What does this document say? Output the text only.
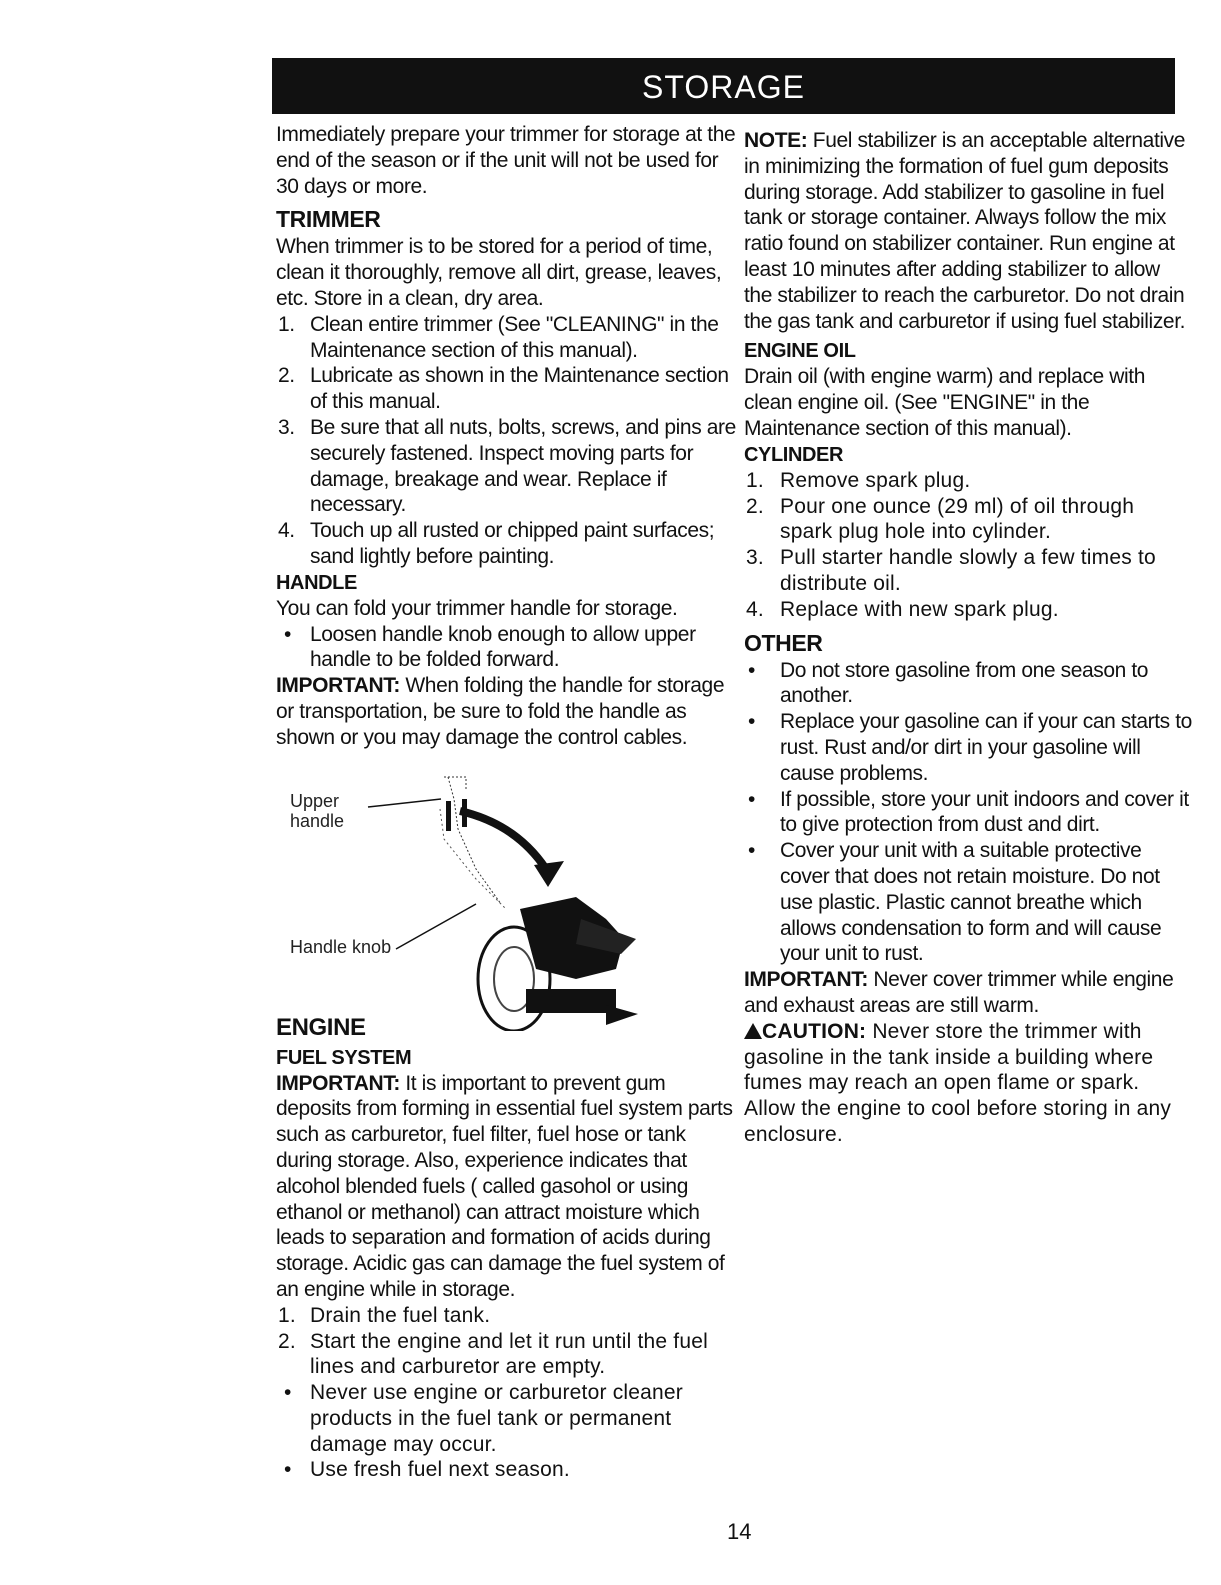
STORAGE

Immediately prepare your trimmer for storage at the end of the season or if the unit will not be used for 30 days or more.

TRIMMER

When trimmer is to be stored for a period of time, clean it thoroughly, remove all dirt, grease, leaves, etc. Store in a clean, dry area.

1. Clean entire trimmer (See "CLEANING" in the Maintenance section of this manual).
2. Lubricate as shown in the Maintenance section of this manual.
3. Be sure that all nuts, bolts, screws, and pins are securely fastened. Inspect moving parts for damage, breakage and wear. Replace if necessary.
4. Touch up all rusted or chipped paint surfaces; sand lightly before painting.

HANDLE

You can fold your trimmer handle for storage.

• Loosen handle knob enough to allow upper handle to be folded forward.

IMPORTANT: When folding the handle for storage or transportation, be sure to fold the handle as shown or you may damage the control cables.

Upper
handle
Handle knob
ENGINE

FUEL SYSTEM

IMPORTANT: It is important to prevent gum deposits from forming in essential fuel system parts such as carburetor, fuel filter, fuel hose or tank during storage. Also, experience indicates that alcohol blended fuels ( called gasohol or using ethanol or methanol) can attract moisture which leads to separation and formation of acids during storage. Acidic gas can damage the fuel system of an engine while in storage.

1. Drain the fuel tank.
2. Start the engine and let it run until the fuel lines and carburetor are empty.
• Never use engine or carburetor cleaner products in the fuel tank or permanent damage may occur.
• Use fresh fuel next season.

NOTE: Fuel stabilizer is an acceptable alternative in minimizing the formation of fuel gum deposits during storage. Add stabilizer to gasoline in fuel tank or storage container. Always follow the mix ratio found on stabilizer container. Run engine at least 10 minutes after adding stabilizer to allow the stabilizer to reach the carburetor. Do not drain the gas tank and carburetor if using fuel stabilizer.

ENGINE OIL

Drain oil (with engine warm) and replace with clean engine oil. (See "ENGINE" in the Maintenance section of this manual).

CYLINDER

1. Remove spark plug.
2. Pour one ounce (29 ml) of oil through spark plug hole into cylinder.
3. Pull starter handle slowly a few times to distribute oil.
4. Replace with new spark plug.

OTHER

• Do not store gasoline from one season to another.
• Replace your gasoline can if your can starts to rust. Rust and/or dirt in your gasoline will cause problems.
• If possible, store your unit indoors and cover it to give protection from dust and dirt.
• Cover your unit with a suitable protective cover that does not retain moisture. Do not use plastic. Plastic cannot breathe which allows condensation to form and will cause your unit to rust.

IMPORTANT: Never cover trimmer while engine and exhaust areas are still warm.

CAUTION: Never store the trimmer with gasoline in the tank inside a building where fumes may reach an open flame or spark. Allow the engine to cool before storing in any enclosure.

14
